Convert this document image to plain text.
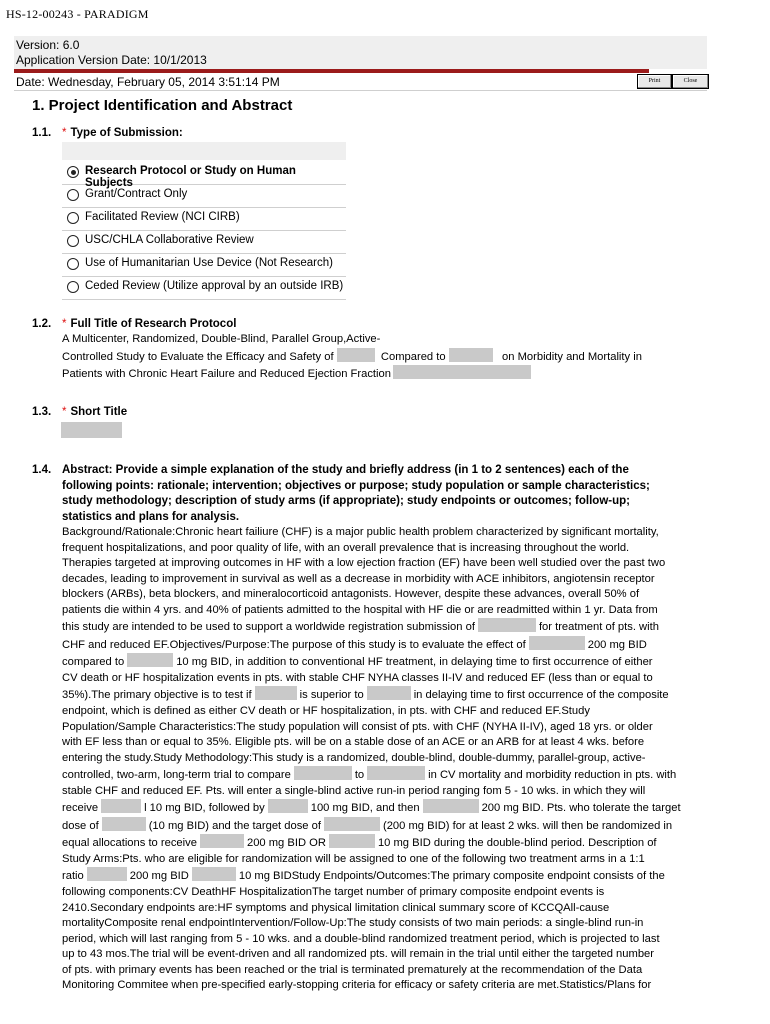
HS-12-00243 - PARADIGM
Version: 6.0
Application Version Date: 10/1/2013
Date: Wednesday, February 05, 2014 3:51:14 PM	Print	Close
1. Project Identification and Abstract
1.1. * Type of Submission:
Research Protocol or Study on Human Subjects
Grant/Contract Only
Facilitated Review (NCI CIRB)
USC/CHLA Collaborative Review
Use of Humanitarian Use Device (Not Research)
Ceded Review (Utilize approval by an outside IRB)
1.2. * Full Title of Research Protocol
A Multicenter, Randomized, Double-Blind, Parallel Group,Active-
Controlled Study to Evaluate the Efficacy and Safety of	Compared to	on Morbidity and Mortality in
Patients with Chronic Heart Failure and Reduced Ejection Fraction
1.3. * Short Title
1.4. Abstract: Provide a simple explanation of the study and briefly address (in 1 to 2 sentences) each of the following points: rationale; intervention; objectives or purpose; study population or sample characteristics; study methodology; description of study arms (if appropriate); study endpoints or outcomes; follow-up; statistics and plans for analysis.
Background/Rationale:Chronic heart failiure (CHF) is a major public health problem characterized by significant mortality,
frequent hospitalizations, and poor quality of life, with an overall prevalence that is increasing throughout the world.
Therapies targeted at improving outcomes in HF with a low ejection fraction (EF) have been well studied over the past two
decades, leading to improvement in survival as well as a decrease in morbidity with ACE inhibitors, angiotensin receptor
blockers (ARBs), beta blockers, and mineralocorticoid antagonists. However, despite these advances, overall 50% of
patients die within 4 yrs. and 40% of patients admitted to the hospital with HF die or are readmitted within 1 yr. Data from
this study are intended to be used to support a worldwide registration submission of	for treatment of pts. with
CHF and reduced EF.Objectives/Purpose:The purpose of this study is to evaluate the effect of	200 mg BID
compared to	10 mg BID, in addition to conventional HF treatment, in delaying time to first occurrence of either
CV death or HF hospitalization events in pts. with stable CHF NYHA classes II-IV and reduced EF (less than or equal to
35%).The primary objective is to test if	is superior to	in delaying time to first occurrence of the composite
endpoint, which is defined as either CV death or HF hospitalization, in pts. with CHF and reduced EF.Study
Population/Sample Characteristics:The study population will consist of pts. with CHF (NYHA II-IV), aged 18 yrs. or older
with EF less than or equal to 35%. Eligible pts. will be on a stable dose of an ACE or an ARB for at least 4 wks. before
entering the study.Study Methodology:This study is a randomized, double-blind, double-dummy, parallel-group, active-
controlled, two-arm, long-term trial to compare	to	in CV mortality and morbidity reduction in pts. with
stable CHF and reduced EF. Pts. will enter a single-blind active run-in period ranging fom 5 - 10 wks. in which they will
receive	l 10 mg BID, followed by	100 mg BID, and then	200 mg BID. Pts. who tolerate the target
dose of	(10 mg BID) and the target dose of	(200 mg BID) for at least 2 wks. will then be randomized in
equal allocations to receive	200 mg BID OR	10 mg BID during the double-blind period. Description of
Study Arms:Pts. who are eligible for randomization will be assigned to one of the following two treatment arms in a 1:1
ratio	200 mg BID	10 mg BIDStudy Endpoints/Outcomes:The primary composite endpoint consists of the
following components:CV DeathHF HospitalizationThe target number of primary composite endpoint events is
2410.Secondary endpoints are:HF symptoms and physical limitation clinical summary score of KCCQAll-cause
mortalityComposite renal endpointIntervention/Follow-Up:The study consists of two main periods: a single-blind run-in
period, which will last ranging from 5 - 10 wks. and a double-blind randomized treatment period, which is projected to last
up to 43 mos.The trial will be event-driven and all randomized pts. will remain in the trial until either the targeted number
of pts. with primary events has been reached or the trial is terminated prematurely at the recommendation of the Data
Monitoring Commitee when pre-specified early-stopping criteria for efficacy or safety criteria are met.Statistics/Plans for
